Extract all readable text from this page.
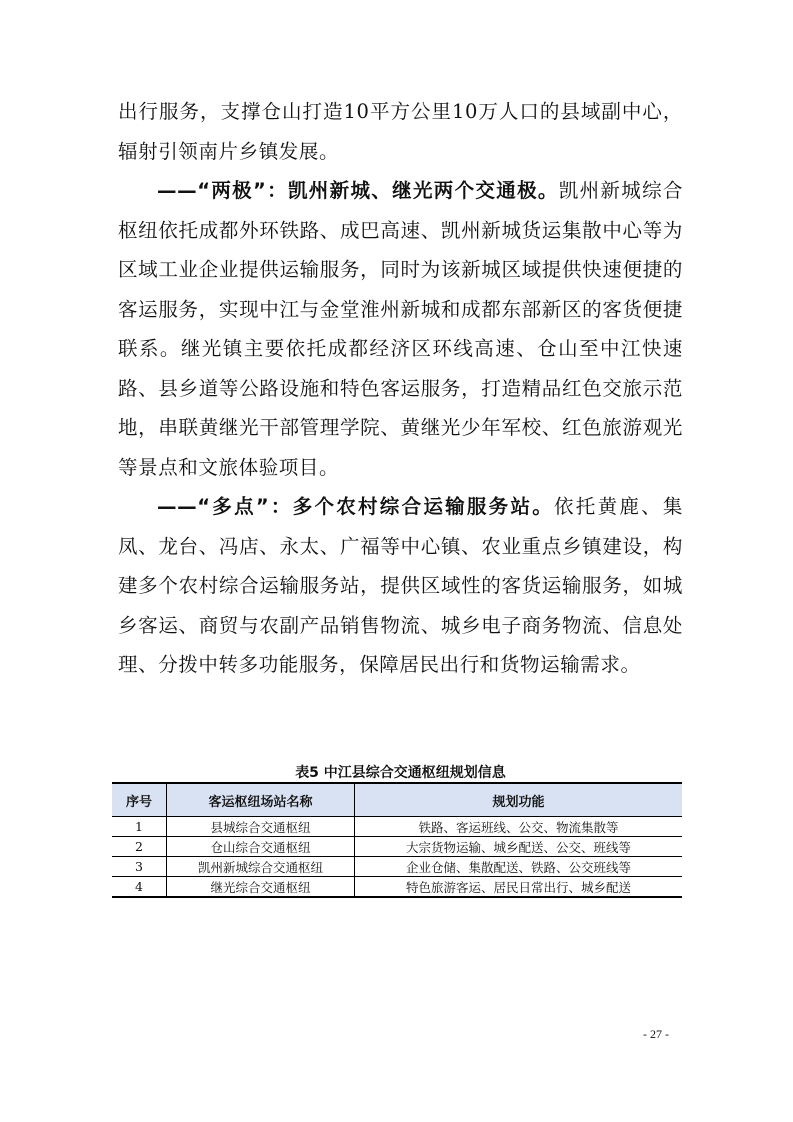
出行服务，支撑仓山打造10平方公里10万人口的县域副中心，辐射引领南片乡镇发展。

——“两极”：凯州新城、继光两个交通极。凯州新城综合枢纽依托成都外环铁路、成巴高速、凯州新城货运集散中心等为区域工业企业提供运输服务，同时为该新城区域提供快速便捷的客运服务，实现中江与金堂淮州新城和成都东部新区的客货便捷联系。继光镇主要依托成都经济区环线高速、仓山至中江快速路、县乡道等公路设施和特色客运服务，打造精品红色交旅示范地，串联黄继光干部管理学院、黄继光少年军校、红色旅游观光等景点和文旅体验项目。

——“多点”：多个农村综合运输服务站。依托黄鹿、集凤、龙台、冯店、永太、广福等中心镇、农业重点乡镇建设，构建多个农村综合运输服务站，提供区域性的客货运输服务，如城乡客运、商贸与农副产品销售物流、城乡电子商务物流、信息处理、分拨中转多功能服务，保障居民出行和货物运输需求。

表5 中江县综合交通枢纽规划信息
序号	客运枢纽场站名称	规划功能
1	县城综合交通枢纽	铁路、客运班线、公交、物流集散等
2	仓山综合交通枢纽	大宗货物运输、城乡配送、公交、班线等
3	凯州新城综合交通枢纽	企业仓储、集散配送、铁路、公交班线等
4	继光综合交通枢纽	特色旅游客运、居民日常出行、城乡配送
- 27 -
